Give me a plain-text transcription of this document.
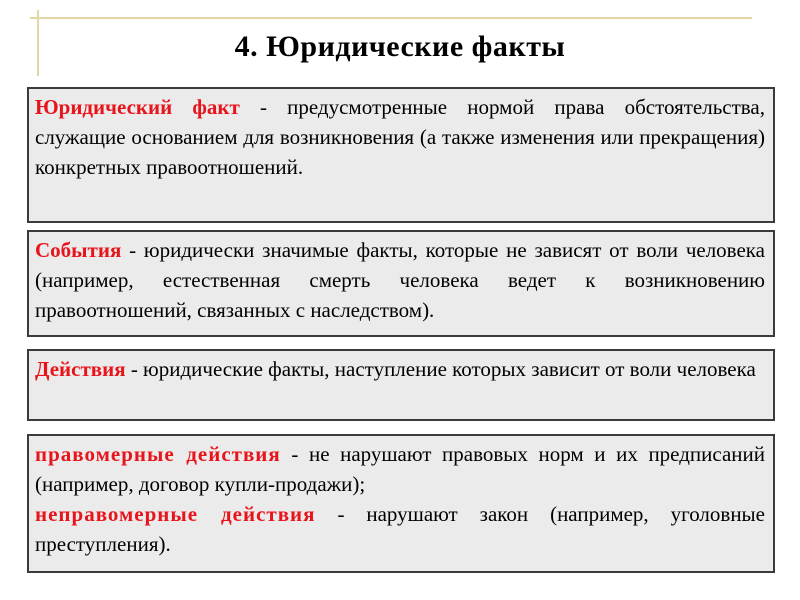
4. Юридические факты

Юридический факт - предусмотренные нормой права обстоятельства, служащие основанием для возникновения (а также изменения или прекращения) конкретных правоотношений.

События - юридически значимые факты, которые не зависят от воли человека (например, естественная смерть человека ведет к возникновению правоотношений, связанных с наследством).

Действия - юридические факты, наступление которых зависит от воли человека

правомерные действия - не нарушают правовых норм и их предписаний (например, договор купли-продажи);

неправомерные действия - нарушают закон (например, уголовные преступления).
